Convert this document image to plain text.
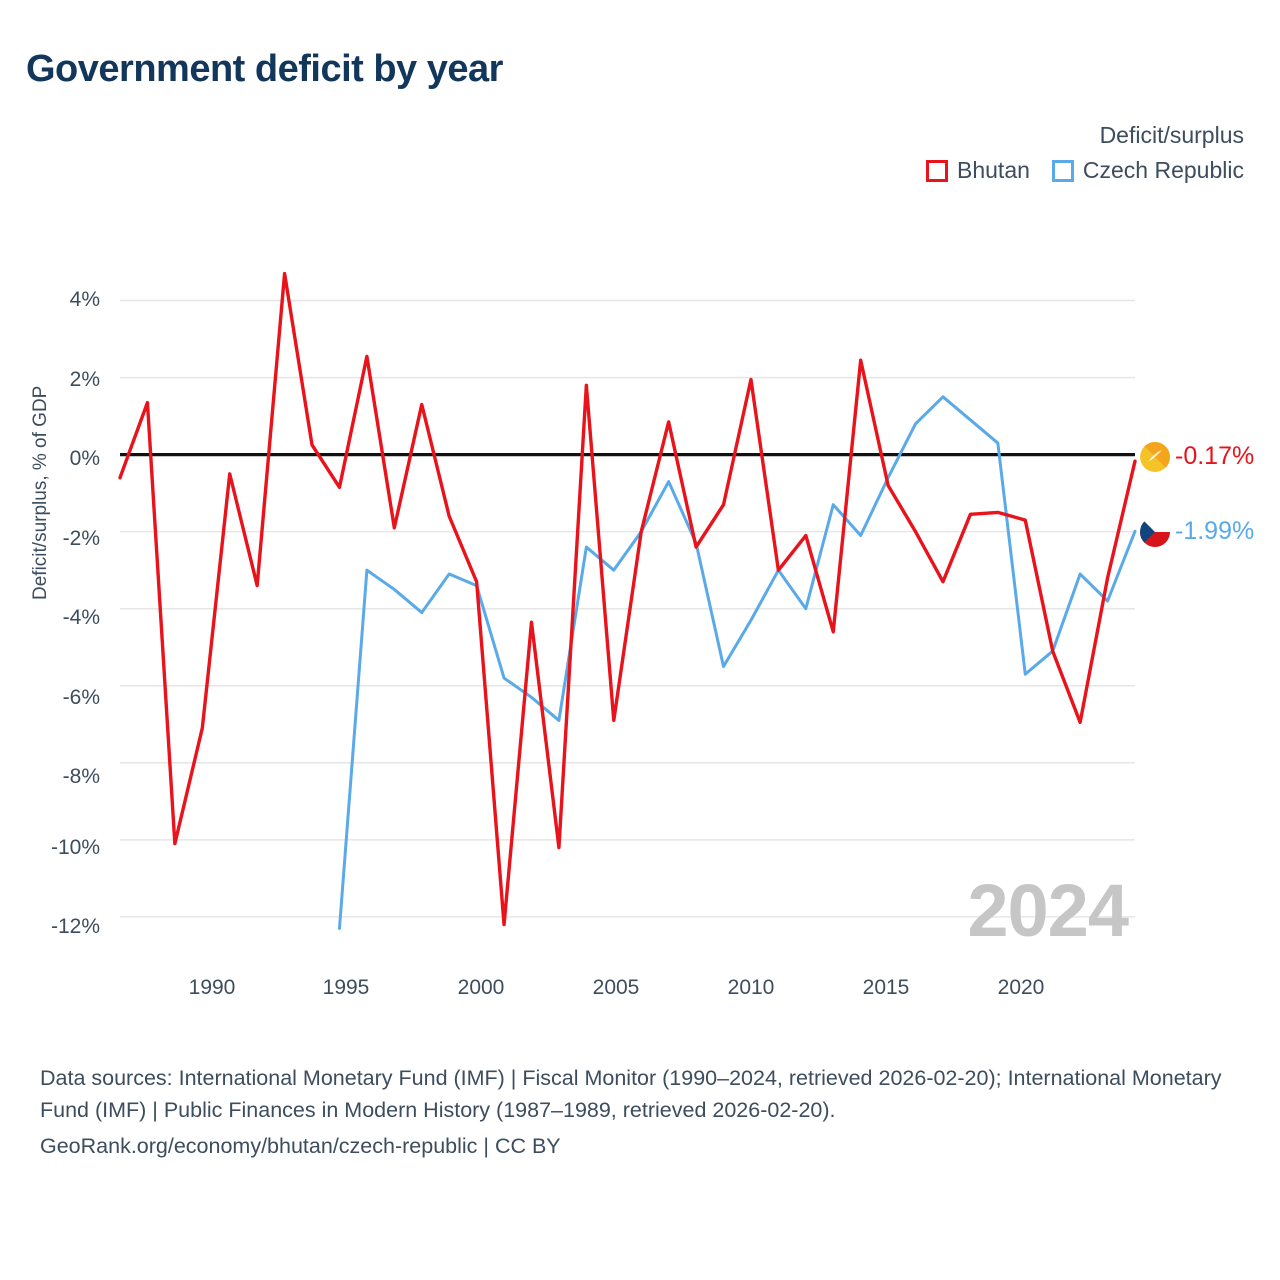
Government deficit by year
Deficit/surplus
Bhutan Czech Republic
Deficit/surplus, % of GDP
4%
2%
0%
-2%
-4%
-6%
-8%
-10%
-12%
1990	1995	2000	2005	2010	2015	2020
2024
-0.17%
-1.99%
Data sources: International Monetary Fund (IMF) | Fiscal Monitor (1990–2024, retrieved 2026-02-20); International Monetary Fund (IMF) | Public Finances in Modern History (1987–1989, retrieved 2026-02-20).
GeoRank.org/economy/bhutan/czech-republic | CC BY
